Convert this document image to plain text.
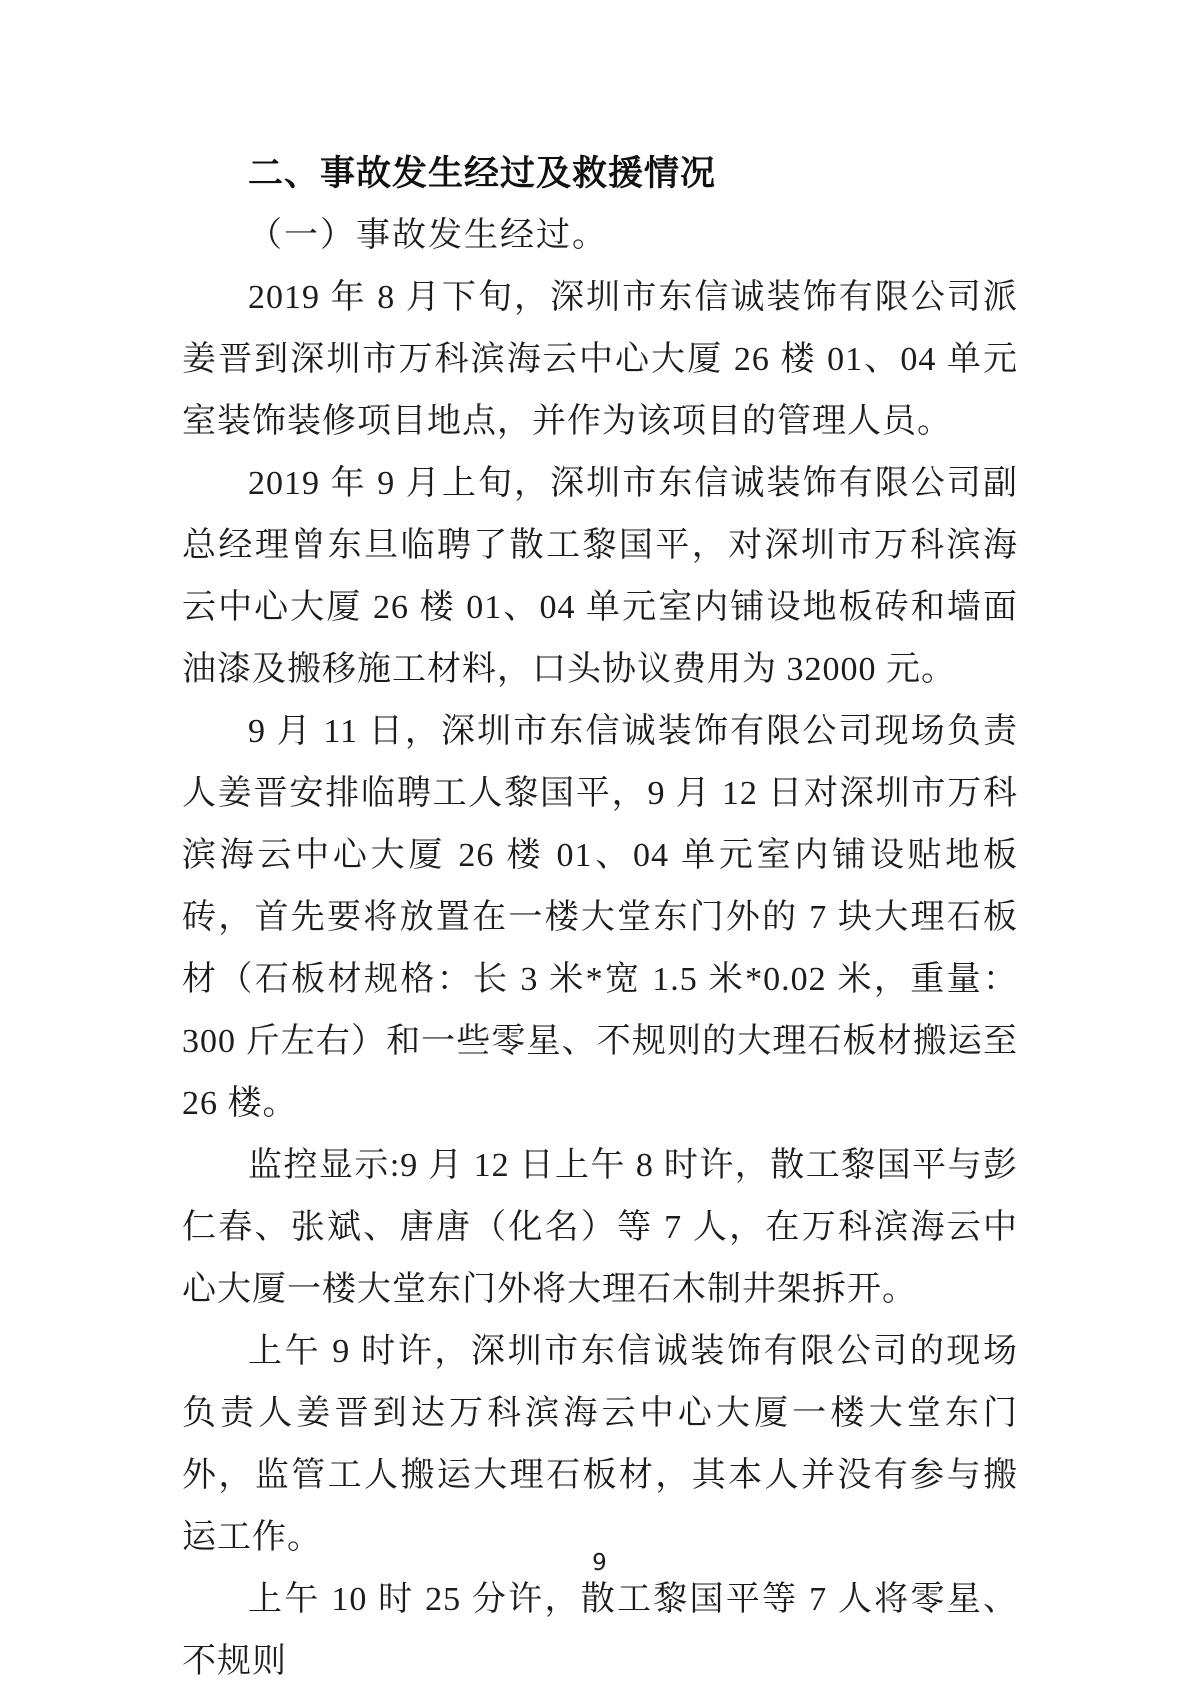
二、事故发生经过及救援情况

（一）事故发生经过。

2019 年 8 月下旬，深圳市东信诚装饰有限公司派姜晋到深圳市万科滨海云中心大厦 26 楼 01、04 单元室装饰装修项目地点，并作为该项目的管理人员。

2019 年 9 月上旬，深圳市东信诚装饰有限公司副总经理曾东旦临聘了散工黎国平，对深圳市万科滨海云中心大厦 26 楼 01、04 单元室内铺设地板砖和墙面油漆及搬移施工材料，口头协议费用为 32000 元。

9 月 11 日，深圳市东信诚装饰有限公司现场负责人姜晋安排临聘工人黎国平，9 月 12 日对深圳市万科滨海云中心大厦 26 楼 01、04 单元室内铺设贴地板砖，首先要将放置在一楼大堂东门外的 7 块大理石板材（石板材规格：长 3 米*宽 1.5 米*0.02 米，重量：300 斤左右）和一些零星、不规则的大理石板材搬运至 26 楼。

监控显示:9 月 12 日上午 8 时许，散工黎国平与彭仁春、张斌、唐唐（化名）等 7 人，在万科滨海云中心大厦一楼大堂东门外将大理石木制井架拆开。

上午 9 时许，深圳市东信诚装饰有限公司的现场负责人姜晋到达万科滨海云中心大厦一楼大堂东门外，监管工人搬运大理石板材，其本人并没有参与搬运工作。

上午 10 时 25 分许，散工黎国平等 7 人将零星、不规则

9
